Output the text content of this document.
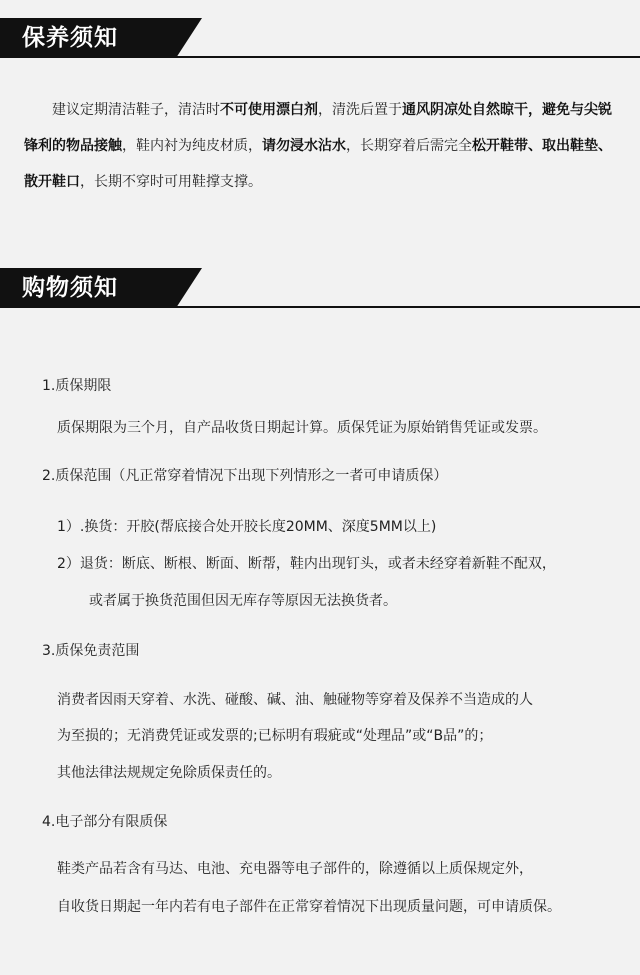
保养须知

建议定期清洁鞋子，清洁时不可使用漂白剂，清洗后置于通风阴凉处自然晾干，避免与尖锐锋利的物品接触，鞋内衬为纯皮材质，请勿浸水沾水，长期穿着后需完全松开鞋带、取出鞋垫、散开鞋口，长期不穿时可用鞋撑支撑。

购物须知

1.质保期限

质保期限为三个月，自产品收货日期起计算。质保凭证为原始销售凭证或发票。

2.质保范围（凡正常穿着情况下出现下列情形之一者可申请质保）

1）.换货：开胶(帮底接合处开胶长度20MM、深度5MM以上)

2）退货：断底、断根、断面、断帮，鞋内出现钉头，或者未经穿着新鞋不配双，

或者属于换货范围但因无库存等原因无法换货者。

3.质保免责范围

消费者因雨天穿着、水洗、碰酸、碱、油、触碰物等穿着及保养不当造成的人

为至损的；无消费凭证或发票的;已标明有瑕疵或“处理品”或“B品”的；

其他法律法规规定免除质保责任的。

4.电子部分有限质保

鞋类产品若含有马达、电池、充电器等电子部件的，除遵循以上质保规定外，

自收货日期起一年内若有电子部件在正常穿着情况下出现质量问题，可申请质保。
